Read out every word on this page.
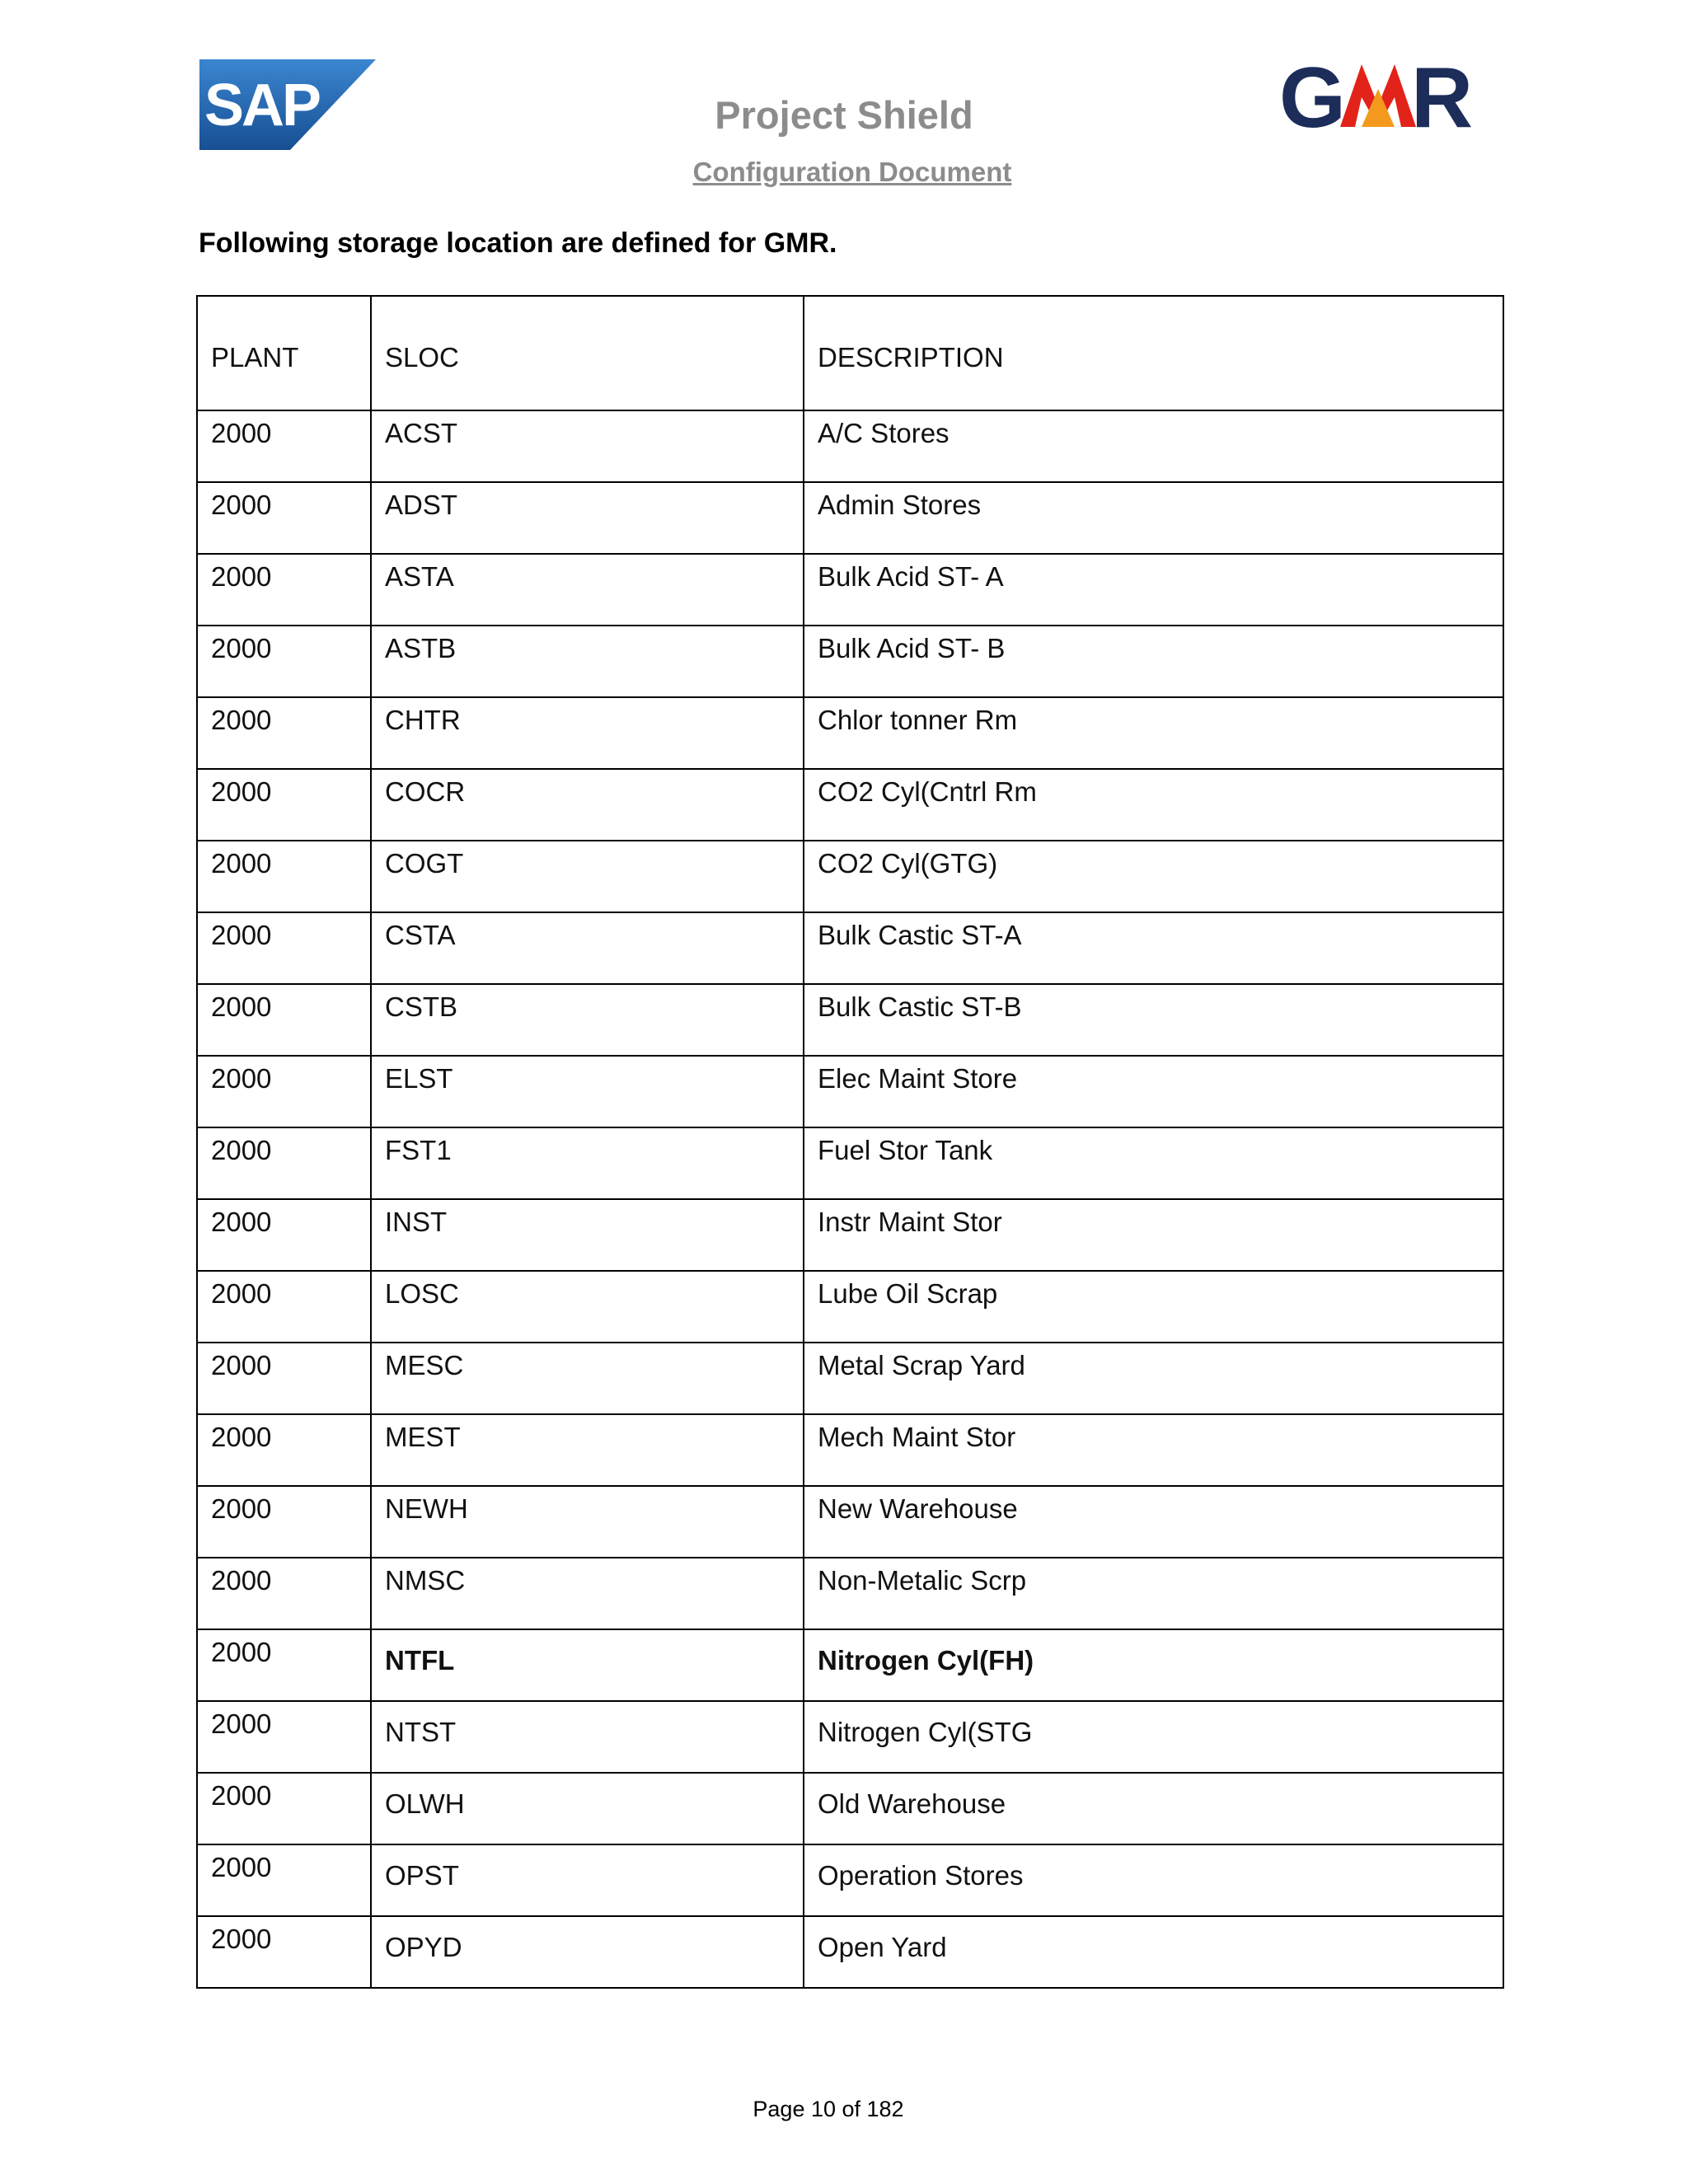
SAP	G R
Project Shield
Configuration Document
Following storage location are defined for GMR.
PLANT	SLOC	DESCRIPTION
2000	ACST	A/C Stores
2000	ADST	Admin Stores
2000	ASTA	Bulk Acid ST- A
2000	ASTB	Bulk Acid ST- B
2000	CHTR	Chlor tonner Rm
2000	COCR	CO2 Cyl(Cntrl Rm
2000	COGT	CO2 Cyl(GTG)
2000	CSTA	Bulk Castic ST-A
2000	CSTB	Bulk Castic ST-B
2000	ELST	Elec Maint Store
2000	FST1	Fuel Stor Tank
2000	INST	Instr Maint Stor
2000	LOSC	Lube Oil Scrap
2000	MESC	Metal Scrap Yard
2000	MEST	Mech Maint Stor
2000	NEWH	New Warehouse
2000	NMSC	Non-Metalic Scrp
2000	NTFL	Nitrogen Cyl(FH)
2000	NTST	Nitrogen Cyl(STG
2000	OLWH	Old Warehouse
2000	OPST	Operation Stores
2000	OPYD	Open Yard
Page 10 of 182
